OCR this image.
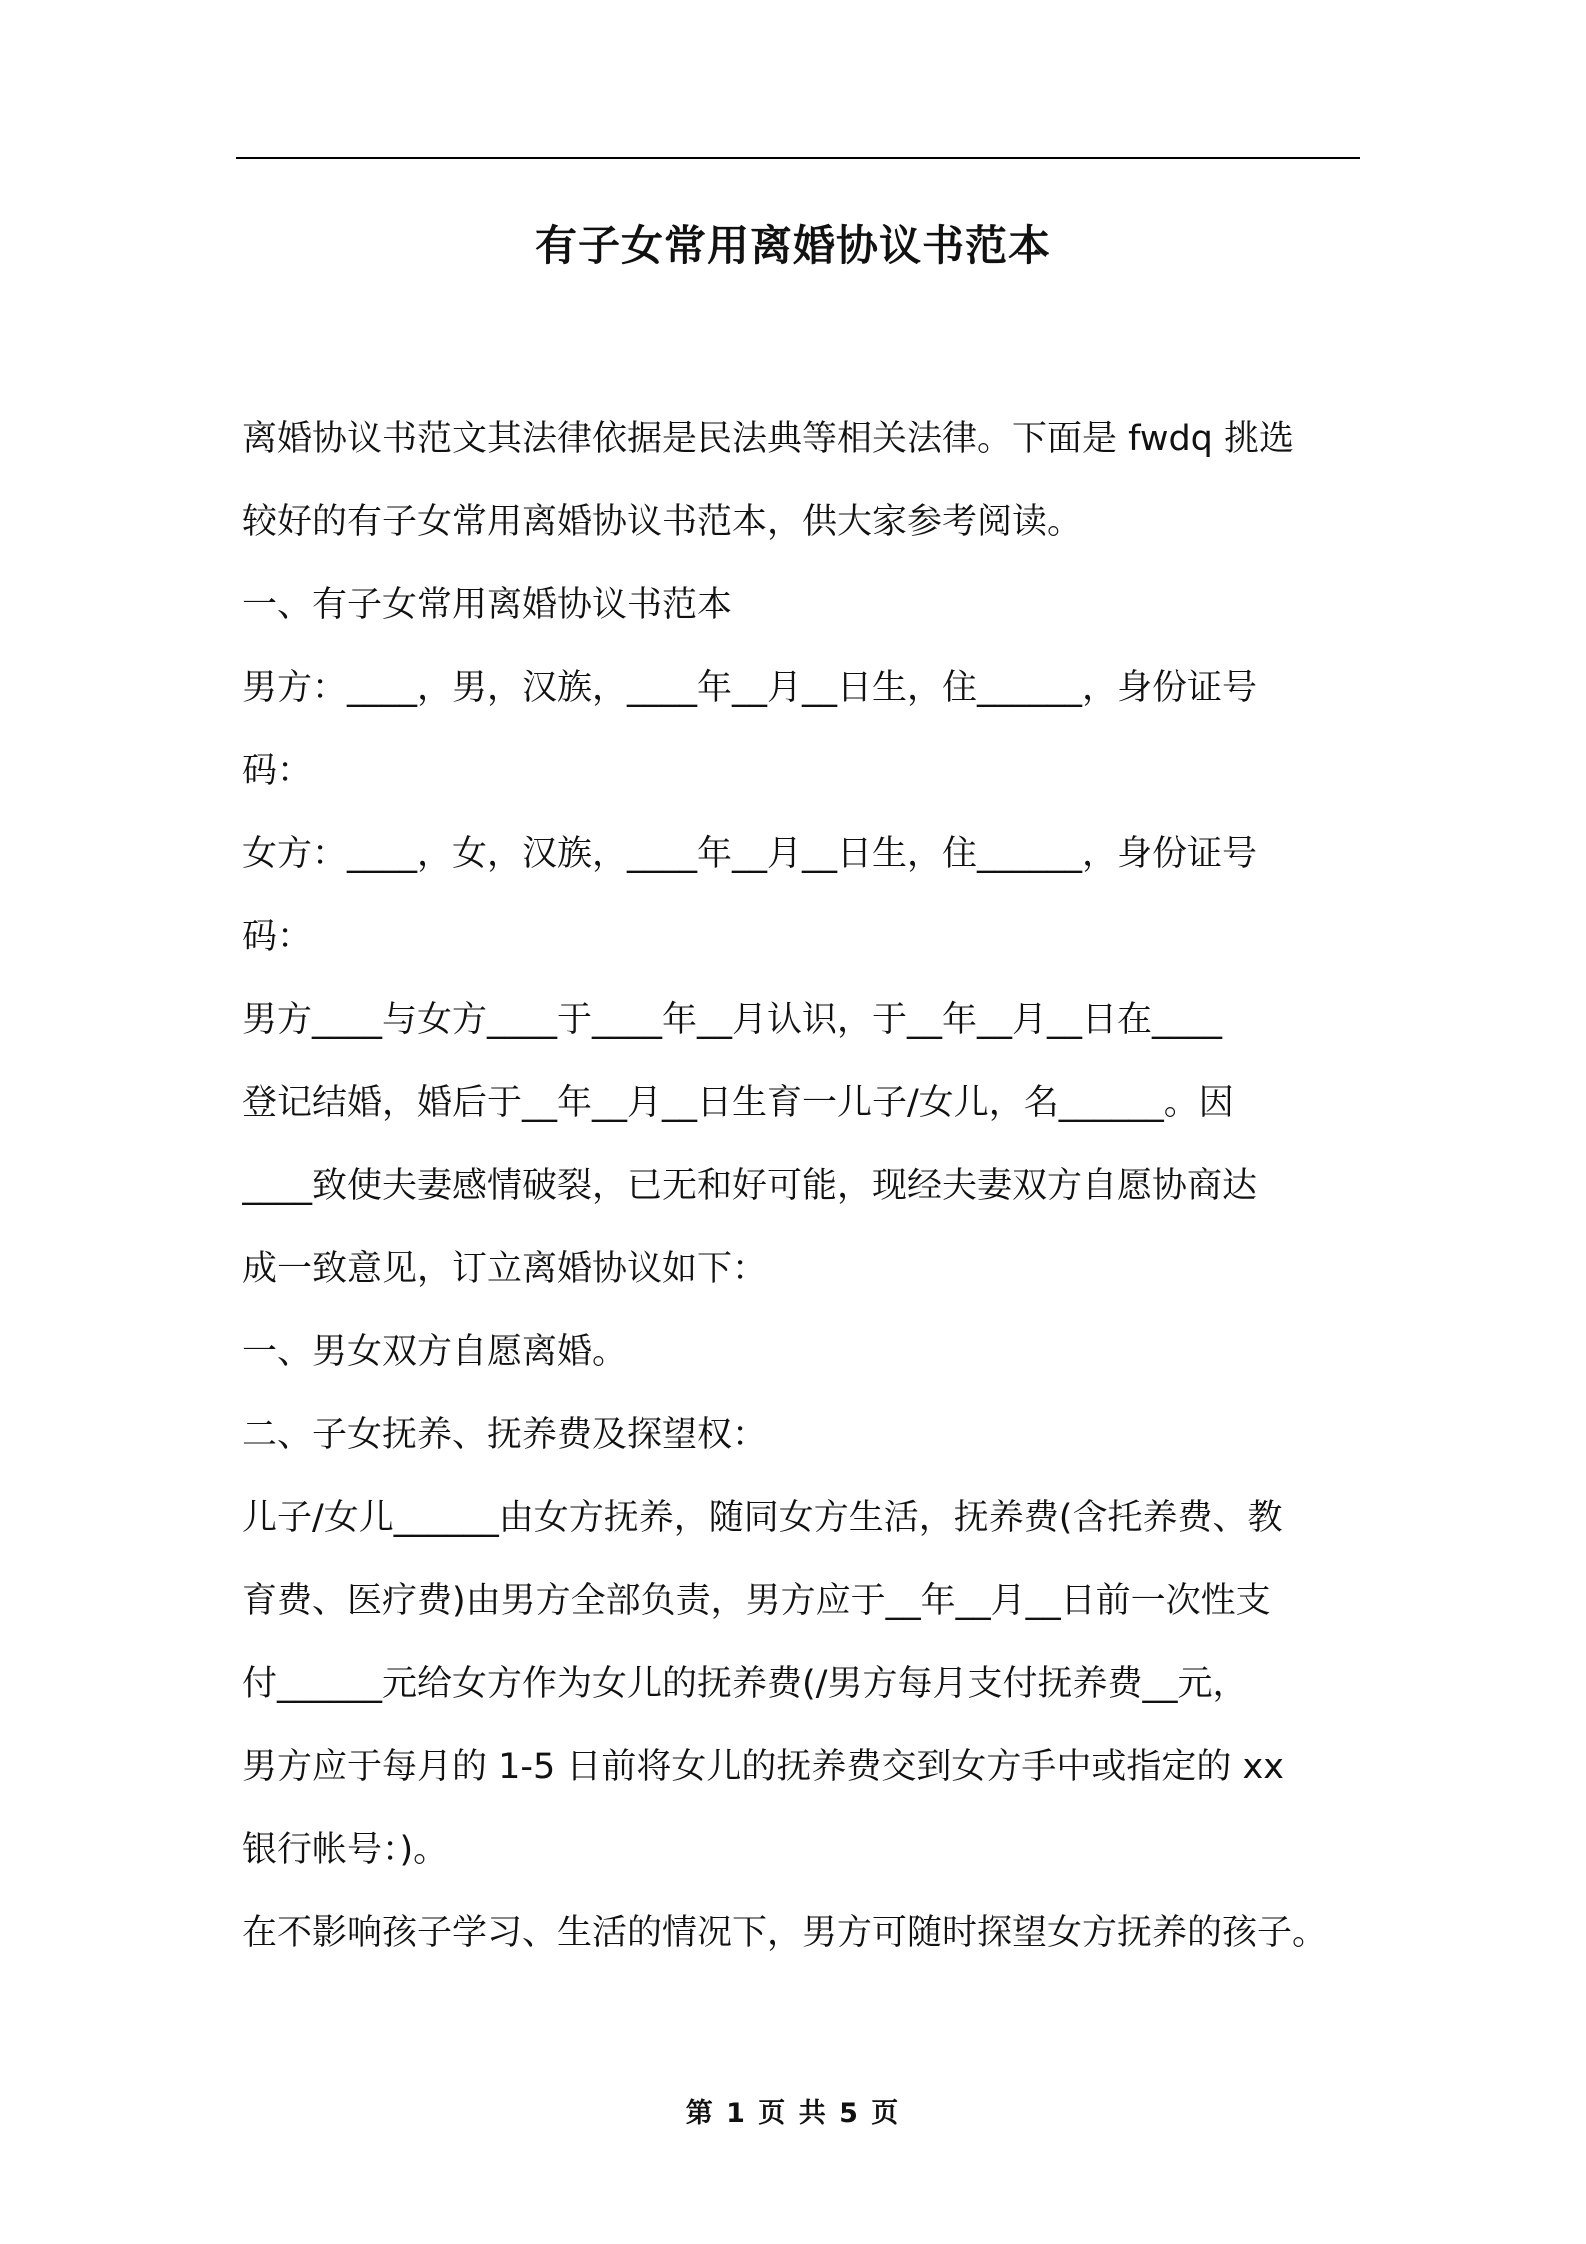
有子女常用离婚协议书范本
离婚协议书范文其法律依据是民法典等相关法律。下面是 fwdq 挑选
较好的有子女常用离婚协议书范本，供大家参考阅读。
一、有子女常用离婚协议书范本
男方：____，男，汉族，____年__月__日生，住______，身份证号
码：
女方：____，女，汉族，____年__月__日生，住______，身份证号
码：
男方____与女方____于____年__月认识，于__年__月__日在____
登记结婚，婚后于__年__月__日生育一儿子/女儿，名______。因
____致使夫妻感情破裂，已无和好可能，现经夫妻双方自愿协商达
成一致意见，订立离婚协议如下：
一、男女双方自愿离婚。
二、子女抚养、抚养费及探望权：
儿子/女儿______由女方抚养，随同女方生活，抚养费(含托养费、教
育费、医疗费)由男方全部负责，男方应于__年__月__日前一次性支
付______元给女方作为女儿的抚养费(/男方每月支付抚养费__元，
男方应于每月的 1-5 日前将女儿的抚养费交到女方手中或指定的 xx
银行帐号：)。
在不影响孩子学习、生活的情况下，男方可随时探望女方抚养的孩子。
第 1 页 共 5 页
